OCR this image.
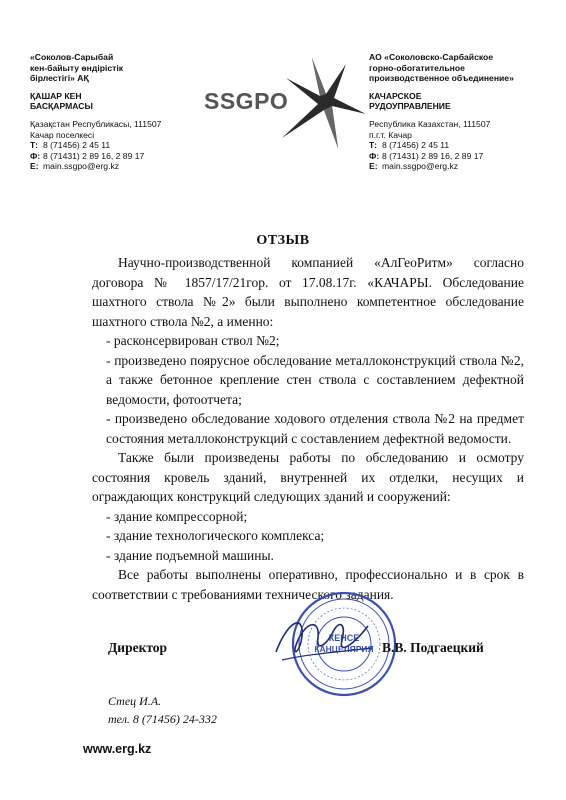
«Соколов-Сарыбай
кен-байыту өндірістік
бірлестігі» АҚ
ҚАШАР КЕН
БАСҚАРМАСЫ
Қазақстан Республикасы, 111507
Качар поселкесі
Т: 8 (71456) 2 45 11
Ф: 8 (71431) 2 89 16, 2 89 17
Е: main.ssgpo@erg.kz
SSGPO
АО «Соколовско-Сарбайское
горно-обогатительное
производственное объединение»
КАЧАРСКОЕ
РУДОУПРАВЛЕНИЕ
Республика Казахстан, 111507
п.г.т. Качар
Т: 8 (71456) 2 45 11
Ф: 8 (71431) 2 89 16, 2 89 17
Е: main.ssgpo@erg.kz
ОТЗЫВ

Научно-производственной компанией «АлГеоРитм» согласно договора № 1857/17/21гор. от 17.08.17г. «КАЧАРЫ. Обследование шахтного ствола №2» были выполнено компетентное обследование шахтного ствола №2, а именно:

- расконсервирован ствол №2;

- произведено поярусное обследование металлоконструкций ствола №2, а также бетонное крепление стен ствола с составлением дефектной ведомости, фотоотчета;

- произведено обследование ходового отделения ствола №2 на предмет состояния металлоконструкций с составлением дефектной ведомости.

Также были произведены работы по обследованию и осмотру состояния кровель зданий, внутренней их отделки, несущих и ограждающих конструкций следующих зданий и сооружений:

- здание компрессорной;

- здание технологического комплекса;

- здание подъемной машины.

Все работы выполнены оперативно, профессионально и в срок в соответствии с требованиями технического задания.

КЕНСЕ
КАНЦЕЛЯРИЯ
Директор	В.В. Подгаецкий
Стец И.А.
тел. 8 (71456) 24-332
www.erg.kz
